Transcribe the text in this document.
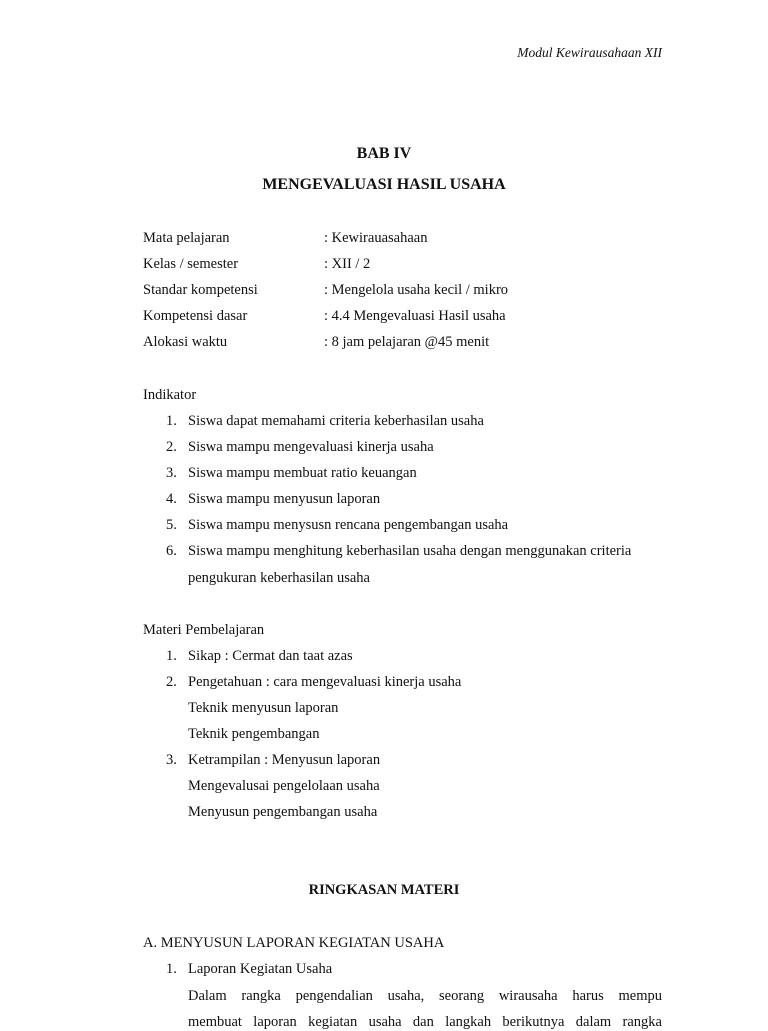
Modul Kewirausahaan XII
BAB IV
MENGEVALUASI HASIL USAHA
Mata pelajaran	: Kewirauasahaan
Kelas / semester	: XII / 2
Standar kompetensi	: Mengelola usaha kecil / mikro
Kompetensi dasar	: 4.4 Mengevaluasi Hasil usaha
Alokasi waktu	: 8 jam pelajaran @45 menit
Indikator
1. Siswa dapat memahami criteria keberhasilan usaha
2. Siswa mampu mengevaluasi kinerja usaha
3. Siswa mampu membuat ratio keuangan
4. Siswa mampu menyusun laporan
5. Siswa mampu menysusn rencana pengembangan usaha
6. Siswa mampu menghitung keberhasilan usaha dengan menggunakan criteria
pengukuran keberhasilan usaha
Materi Pembelajaran
1. Sikap : Cermat dan taat azas
2. Pengetahuan : cara mengevaluasi kinerja usaha
Teknik menyusun laporan
Teknik pengembangan
3. Ketrampilan : Menyusun laporan
Mengevalusai pengelolaan usaha
Menyusun pengembangan usaha
RINGKASAN MATERI
A. MENYUSUN LAPORAN KEGIATAN USAHA
1. Laporan Kegiatan Usaha
Dalam rangka pengendalian usaha, seorang wirausaha harus mempu
membuat laporan kegiatan usaha dan langkah berikutnya dalam rangka
